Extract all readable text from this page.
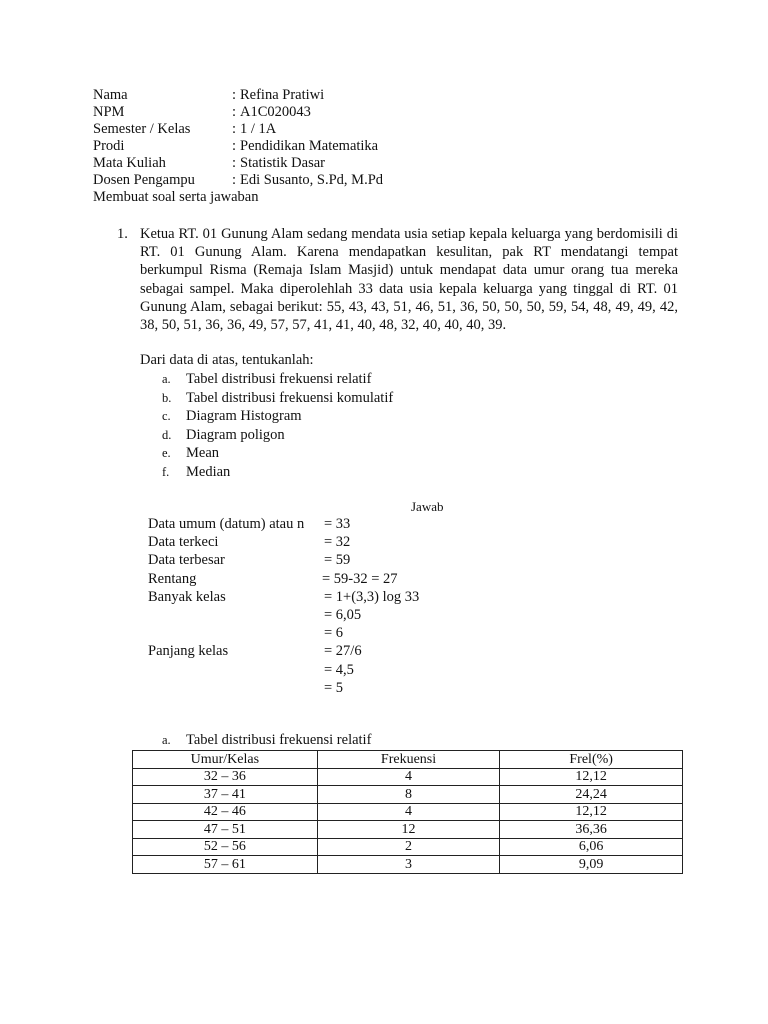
Nama	: Refina Pratiwi
NPM	: A1C020043
Semester / Kelas	: 1 / 1A
Prodi	: Pendidikan Matematika
Mata Kuliah	: Statistik Dasar
Dosen Pengampu	: Edi Susanto, S.Pd, M.Pd
Membuat soal serta jawaban
1. Ketua RT. 01 Gunung Alam sedang mendata usia setiap kepala keluarga yang berdomisili di RT. 01 Gunung Alam. Karena mendapatkan kesulitan, pak RT mendatangi tempat berkumpul Risma (Remaja Islam Masjid) untuk mendapat data umur orang tua mereka sebagai sampel. Maka diperolehlah 33 data usia kepala keluarga yang tinggal di RT. 01 Gunung Alam, sebagai berikut: 55, 43, 43, 51, 46, 51, 36, 50, 50, 50, 59, 54, 48, 49, 49, 42, 38, 50, 51, 36, 36, 49, 57, 57, 41, 41, 40, 48, 32, 40, 40, 40, 39.

Dari data di atas, tentukanlah:
a.	Tabel distribusi frekuensi relatif
b.	Tabel distribusi frekuensi komulatif
c.	Diagram Histogram
d.	Diagram poligon
e.	Mean
f.	Median
Jawab
Data umum (datum) atau n = 33
Data terkeci	= 32
Data terbesar	= 59
Rentang	= 59-32 = 27
Banyak kelas	= 1+(3,3) log 33
= 6,05
= 6
Panjang kelas	= 27/6
= 4,5
= 5
a. Tabel distribusi frekuensi relatif
Umur/Kelas	Frekuensi	Frel(%)
32 – 36	4	12,12
37 – 41	8	24,24
42 – 46	4	12,12
47 – 51	12	36,36
52 – 56	2	6,06
57 – 61	3	9,09
